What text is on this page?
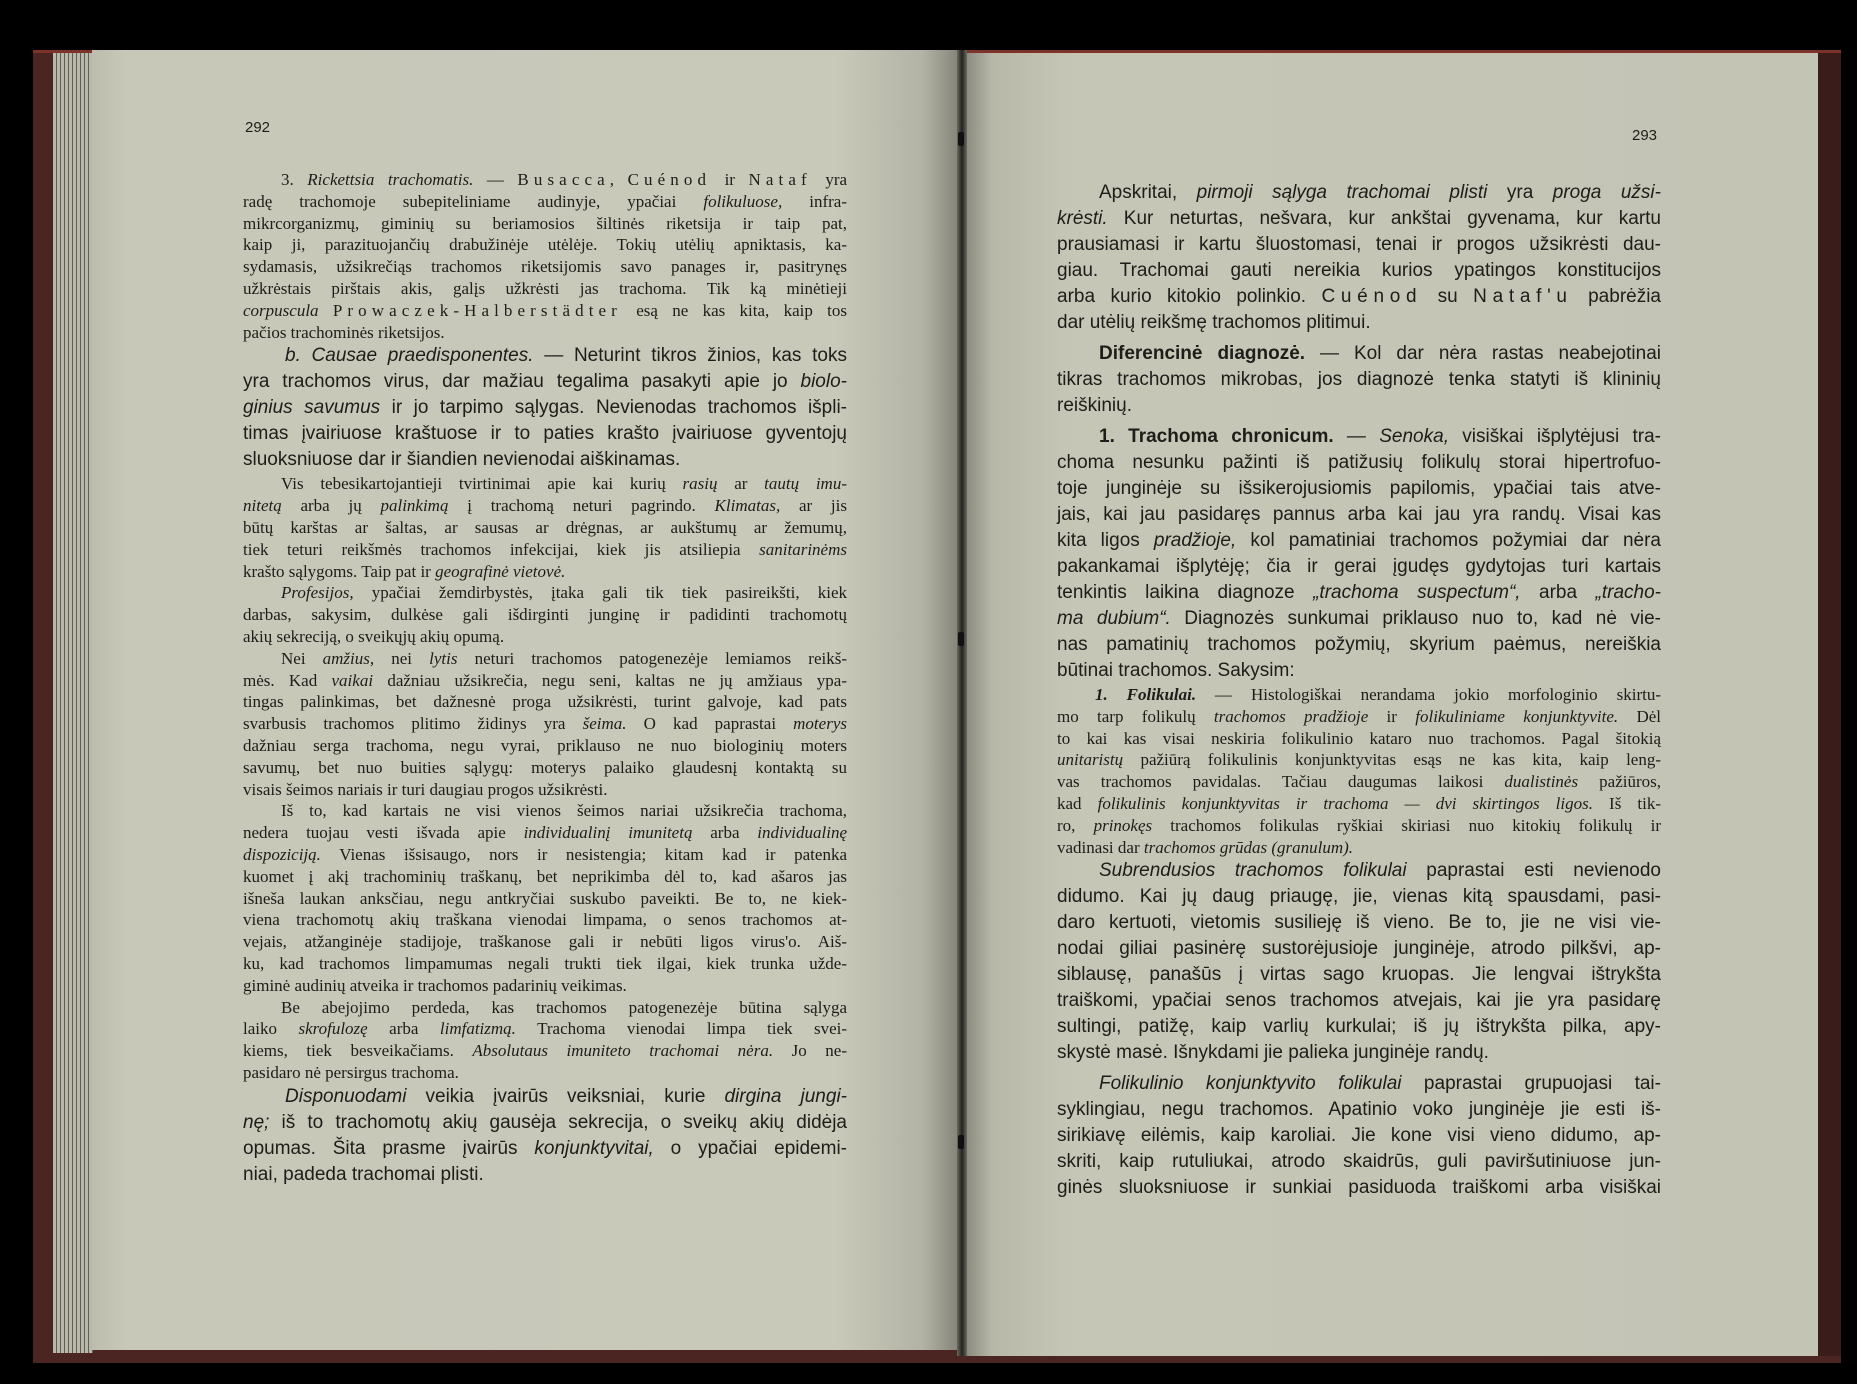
292
3. Rickettsia trachomatis. — Busacca, Cuénod ir Nataf yra
radę trachomoje subepiteliniame audinyje, ypačiai folikuluose, infra-
mikrcorganizmų, giminių su beriamosios šiltinės riketsija ir taip pat,
kaip ji, parazituojančių drabužinėje utėlėje. Tokių utėlių apniktasis, ka-
sydamasis, užsikrečiąs trachomos riketsijomis savo panages ir, pasitrynęs
užkrėstais pirštais akis, galįs užkrėsti jas trachoma. Tik ką minėtieji
corpuscula Prowaczek-Halberstädter esą ne kas kita, kaip tos
pačios trachominės riketsijos.
b. Causae praedisponentes. — Neturint tikros žinios, kas toks
yra trachomos virus, dar mažiau tegalima pasakyti apie jo biolo-
ginius savumus ir jo tarpimo sąlygas. Nevienodas trachomos išpli-
timas įvairiuose kraštuose ir to paties krašto įvairiuose gyventojų
sluoksniuose dar ir šiandien nevienodai aiškinamas.
Vis tebesikartojantieji tvirtinimai apie kai kurių rasių ar tautų imu-
nitetą arba jų palinkimą į trachomą neturi pagrindo. Klimatas, ar jis
būtų karštas ar šaltas, ar sausas ar drėgnas, ar aukštumų ar žemumų,
tiek teturi reikšmės trachomos infekcijai, kiek jis atsiliepia sanitarinėms
krašto sąlygoms. Taip pat ir geografinė vietovė.
Profesijos, ypačiai žemdirbystės, įtaka gali tik tiek pasireikšti, kiek
darbas, sakysim, dulkėse gali išdirginti junginę ir padidinti trachomotų
akių sekreciją, o sveikųjų akių opumą.
Nei amžius, nei lytis neturi trachomos patogenezėje lemiamos reikš-
mės. Kad vaikai dažniau užsikrečia, negu seni, kaltas ne jų amžiaus ypa-
tingas palinkimas, bet dažnesnė proga užsikrėsti, turint galvoje, kad pats
svarbusis trachomos plitimo židinys yra šeima. O kad paprastai moterys
dažniau serga trachoma, negu vyrai, priklauso ne nuo biologinių moters
savumų, bet nuo buities sąlygų: moterys palaiko glaudesnį kontaktą su
visais šeimos nariais ir turi daugiau progos užsikrėsti.
Iš to, kad kartais ne visi vienos šeimos nariai užsikrečia trachoma,
nedera tuojau vesti išvada apie individualinį imunitetą arba individualinę
dispoziciją. Vienas išsisaugo, nors ir nesistengia; kitam kad ir patenka
kuomet į akį trachominių traškanų, bet neprikimba dėl to, kad ašaros jas
išneša laukan anksčiau, negu antkryčiai suskubo paveikti. Be to, ne kiek-
viena trachomotų akių traškana vienodai limpama, o senos trachomos at-
vejais, atžanginėje stadijoje, traškanose gali ir nebūti ligos virus'o. Aiš-
ku, kad trachomos limpamumas negali trukti tiek ilgai, kiek trunka užde-
giminė audinių atveika ir trachomos padarinių veikimas.
Be abejojimo perdeda, kas trachomos patogenezėje būtina sąlyga
laiko skrofulozę arba limfatizmą. Trachoma vienodai limpa tiek svei-
kiems, tiek besveikačiams. Absolutaus imuniteto trachomai nėra. Jo ne-
pasidaro nė persirgus trachoma.
Disponuodami veikia įvairūs veiksniai, kurie dirgina jungi-
nę; iš to trachomotų akių gausėja sekrecija, o sveikų akių didėja
opumas. Šita prasme įvairūs konjunktyvitai, o ypačiai epidemi-
niai, padeda trachomai plisti.
293
Apskritai, pirmoji sąlyga trachomai plisti yra proga užsi-
krėsti. Kur neturtas, nešvara, kur ankštai gyvenama, kur kartu
prausiamasi ir kartu šluostomasi, tenai ir progos užsikrėsti dau-
giau. Trachomai gauti nereikia kurios ypatingos konstitucijos
arba kurio kitokio polinkio. Cuénod su Nataf'u pabrėžia
dar utėlių reikšmę trachomos plitimui.
Diferencinė diagnozė. — Kol dar nėra rastas neabejotinai
tikras trachomos mikrobas, jos diagnozė tenka statyti iš klininių
reiškinių.
1. Trachoma chronicum. — Senoka, visiškai išplytėjusi tra-
choma nesunku pažinti iš patižusių folikulų storai hipertrofuo-
toje junginėje su išsikerojusiomis papilomis, ypačiai tais atve-
jais, kai jau pasidaręs pannus arba kai jau yra randų. Visai kas
kita ligos pradžioje, kol pamatiniai trachomos požymiai dar nėra
pakankamai išplytėję; čia ir gerai įgudęs gydytojas turi kartais
tenkintis laikina diagnoze „trachoma suspectum“, arba „tracho-
ma dubium“. Diagnozės sunkumai priklauso nuo to, kad nė vie-
nas pamatinių trachomos požymių, skyrium paėmus, nereiškia
būtinai trachomos. Sakysim:
1. Folikulai. — Histologiškai nerandama jokio morfologinio skirtu-
mo tarp folikulų trachomos pradžioje ir folikuliniame konjunktyvite. Dėl
to kai kas visai neskiria folikulinio kataro nuo trachomos. Pagal šitokią
unitaristų pažiūrą folikulinis konjunktyvitas esąs ne kas kita, kaip leng-
vas trachomos pavidalas. Tačiau daugumas laikosi dualistinės pažiūros,
kad folikulinis konjunktyvitas ir trachoma — dvi skirtingos ligos. Iš tik-
ro, prinokęs trachomos folikulas ryškiai skiriasi nuo kitokių folikulų ir
vadinasi dar trachomos grūdas (granulum).
Subrendusios trachomos folikulai paprastai esti nevienodo
didumo. Kai jų daug priaugę, jie, vienas kitą spausdami, pasi-
daro kertuoti, vietomis susilieję iš vieno. Be to, jie ne visi vie-
nodai giliai pasinėrę sustorėjusioje junginėje, atrodo pilkšvi, ap-
siblausę, panašūs į virtas sago kruopas. Jie lengvai ištrykšta
traiškomi, ypačiai senos trachomos atvejais, kai jie yra pasidarę
sultingi, patižę, kaip varlių kurkulai; iš jų ištrykšta pilka, apy-
skystė masė. Išnykdami jie palieka junginėje randų.
Folikulinio konjunktyvito folikulai paprastai grupuojasi tai-
syklingiau, negu trachomos. Apatinio voko junginėje jie esti iš-
sirikiavę eilėmis, kaip karoliai. Jie kone visi vieno didumo, ap-
skriti, kaip rutuliukai, atrodo skaidrūs, guli paviršutiniuose jun-
ginės sluoksniuose ir sunkiai pasiduoda traiškomi arba visiškai
